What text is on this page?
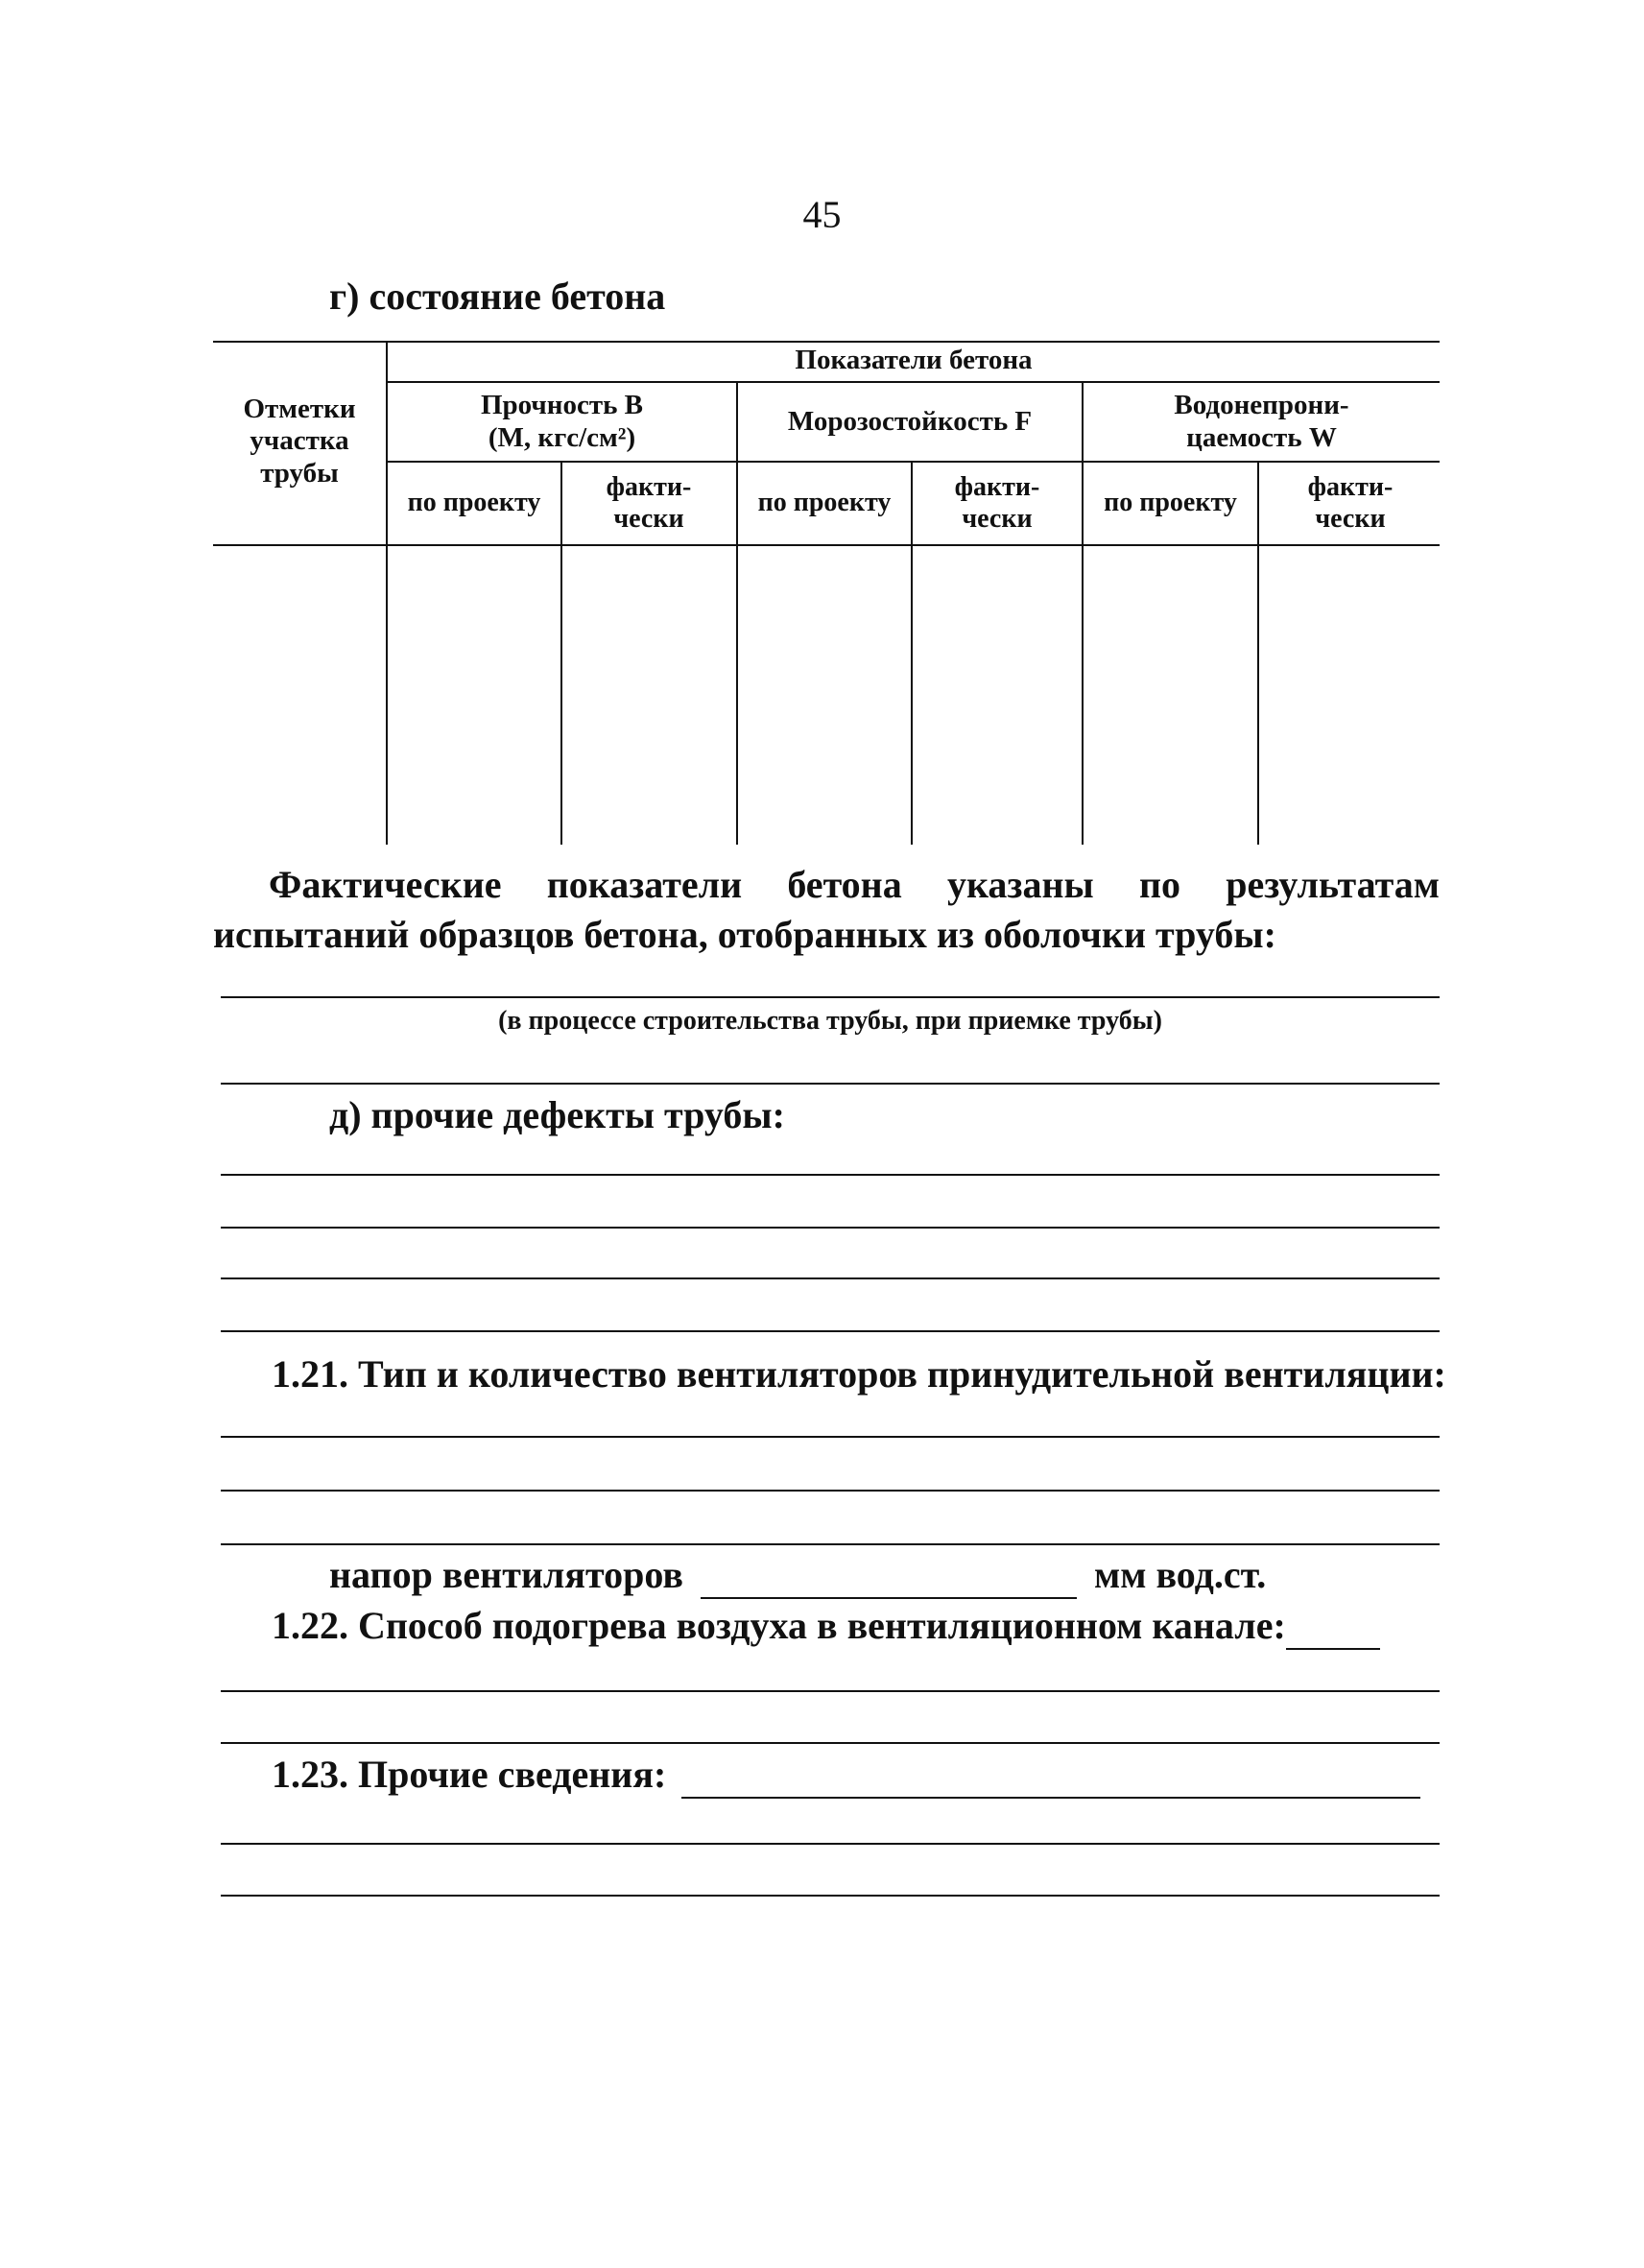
45
г) состояние бетона
Отметки участка трубы
Показатели бетона
Прочность В
(М, кгс/см²)
Морозостойкость F
Водонепрони-
цаемость W
по проекту
факти- чески
по проекту
факти- чески
по проекту
факти- чески
Фактические показатели бетона указаны по результатам испытаний образцов бетона, отобранных из оболочки трубы:
(в процессе строительства трубы, при приемке трубы)
д) прочие дефекты трубы:
1.21. Тип и количество вентиляторов принудительной вентиляции:
напор вентиляторов	мм вод.ст.
1.22. Способ подогрева воздуха в вентиляционном канале:
1.23. Прочие сведения:
